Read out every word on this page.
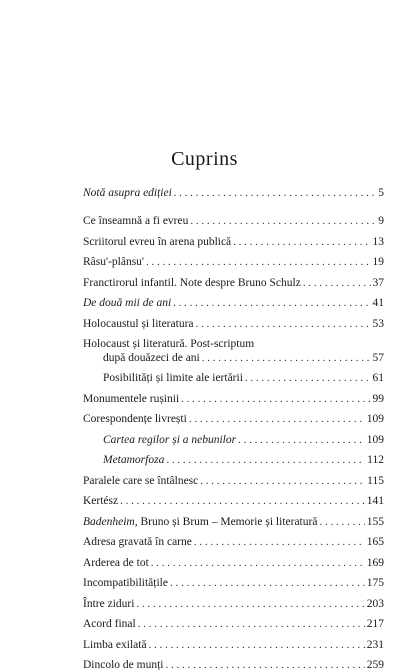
Cuprins
Notă asupra ediției . . .	5
Ce înseamnă a fi evreu . . .	9
Scriitorul evreu în arena publică . . .	13
Râsu'-plânsu' . . .	19
Franctirorul infantil. Note despre Bruno Schulz . . .	37
De două mii de ani . . .	41
Holocaustul și literatura . . .	53
Holocaust și literatură. Post-scriptum
după douăzeci de ani . . .	57
Posibilități și limite ale iertării . . .	61
Monumentele rușinii . . .	99
Corespondențe livrești . . .	109
Cartea regilor și a nebunilor . . .	109
Metamorfoza . . .	112
Paralele care se întâlnesc . . .	115
Kertész . . .	141
Badenheim, Bruno și Brum – Memorie și literatură . . .	155
Adresa gravată în carne . . .	165
Arderea de tot . . .	169
Incompatibilitățile . . .	175
Între ziduri . . .	203
Acord final . . .	217
Limba exilată . . .	231
Dincolo de munți . . .	259
